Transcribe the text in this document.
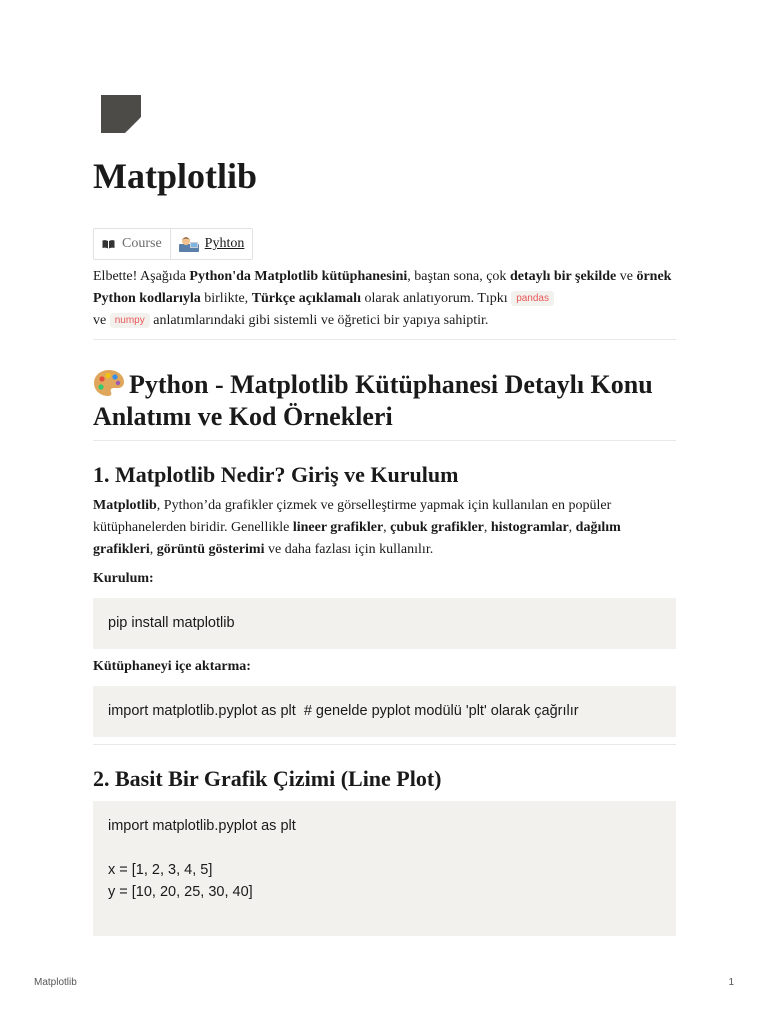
Matplotlib
Course	Pyhton

Elbette! Aşağıda Python'da Matplotlib kütüphanesini, baştan sona, çok detaylı bir şekilde ve örnek Python kodlarıyla birlikte, Türkçe açıklamalı olarak anlatıyorum. Tıpkı pandas
ve numpy anlatımlarındaki gibi sistemli ve öğretici bir yapıya sahiptir.

Python - Matplotlib Kütüphanesi Detaylı Konu Anlatımı ve Kod Örnekleri
1. Matplotlib Nedir? Giriş ve Kurulum

Matplotlib, Python’da grafikler çizmek ve görselleştirme yapmak için kullanılan en popüler kütüphanelerden biridir. Genellikle lineer grafikler, çubuk grafikler, histogramlar, dağılım grafikleri, görüntü gösterimi ve daha fazlası için kullanılır.

Kurulum:
pip install matplotlib
Kütüphaneyi içe aktarma:
import matplotlib.pyplot as plt  # genelde pyplot modülü 'plt' olarak çağrılır
2. Basit Bir Grafik Çizimi (Line Plot)
import matplotlib.pyplot as plt

x = [1, 2, 3, 4, 5]
y = [10, 20, 25, 30, 40]
Matplotlib	1
